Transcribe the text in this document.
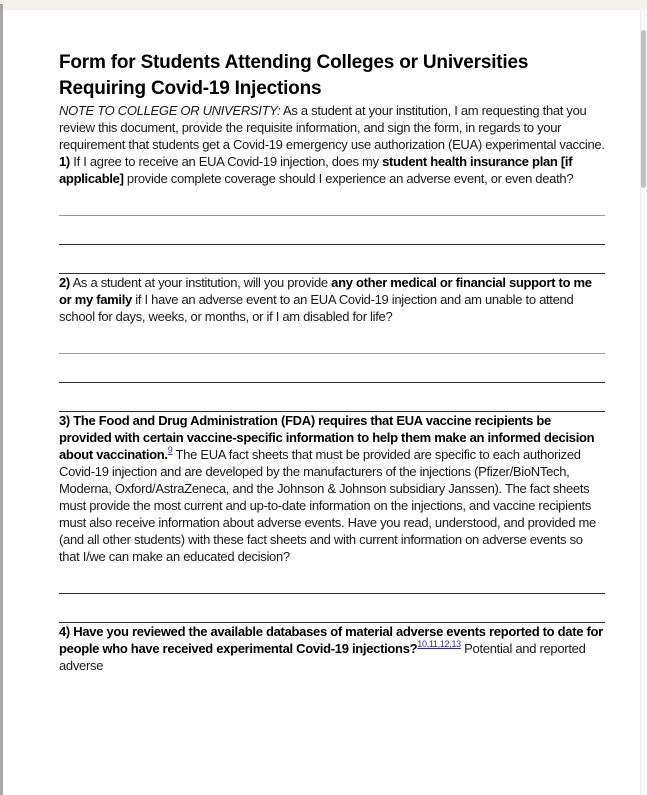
Form for Students Attending Colleges or Universities
Requiring Covid-19 Injections

NOTE TO COLLEGE OR UNIVERSITY: As a student at your institution, I am requesting that you review this document, provide the requisite information, and sign the form, in regards to your requirement that students get a Covid-19 emergency use authorization (EUA) experimental vaccine.

1) If I agree to receive an EUA Covid-19 injection, does my student health insurance plan [if applicable] provide complete coverage should I experience an adverse event, or even death?

2) As a student at your institution, will you provide any other medical or financial support to me or my family if I have an adverse event to an EUA Covid-19 injection and am unable to attend school for days, weeks, or months, or if I am disabled for life?

3) The Food and Drug Administration (FDA) requires that EUA vaccine recipients be provided with certain vaccine-specific information to help them make an informed decision about vaccination.$^9$ The EUA fact sheets that must be provided are specific to each authorized Covid-19 injection and are developed by the manufacturers of the injections (Pfizer/BioNTech, Moderna, Oxford/AstraZeneca, and the Johnson & Johnson subsidiary Janssen). The fact sheets must provide the most current and up-to-date information on the injections, and vaccine recipients must also receive information about adverse events. Have you read, understood, and provided me (and all other students) with these fact sheets and with current information on adverse events so that I/we can make an educated decision?

4) Have you reviewed the available databases of material adverse events reported to date for people who have received experimental Covid-19 injections?$^{10,11,12,13}$ Potential and reported adverse
